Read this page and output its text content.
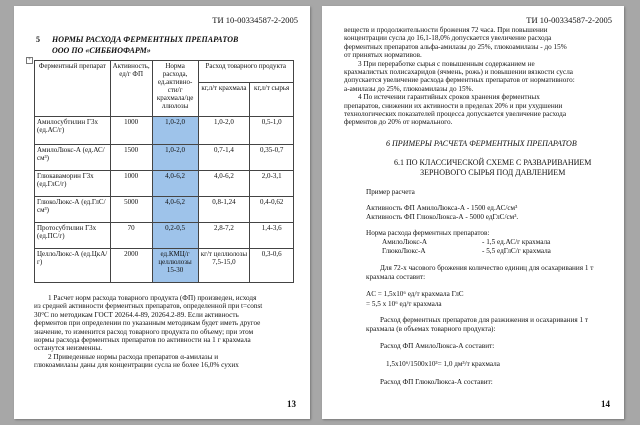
ТИ 10-00334587-2-2005
5 НОРМЫ РАСХОДА ФЕРМЕНТНЫХ ПРЕПАРАТОВ
ООО ПО «СИББИОФАРМ»
+
Ферментный препарат	Активность, ед/г ФП	Норма расхода, ед.активно-сти/г крахмала/це ллюлозы	Расход товарного продукта	
			кг,л/т крахмала	кг,л/т сырья
Амилосубтилин Г3х (ед.АС/г)	1000	1,0-2,0	1,0-2,0	0,5-1,0
АмилоЛюкс-А (ед.АС/см³)	1500	1,0-2,0	0,7-1,4	0,35-0,7
Глюкаваморин Г3х (ед.ГлС/г)	1000	4,0-6,2	4,0-6,2	2,0-3,1
ГлюкоЛюкс-А (ед.ГлС/см³)	5000	4,0-6,2	0,8-1,24	0,4-0,62
Протосубтилин Г3х (ед.ПС/г)	70	0,2-0,5	2,8-7,2	1,4-3,6
ЦеллоЛюкс-А (ед.ЦкА/г)	2000	ед.КМЦ/г целлюлозы 15-30	кг/т целлюлозы 7,5-15,0	0,3-0,6
1 Расчет норм расхода товарного продукта (ФП) произведен, исходя
из средней активности ферментных препаратов, определенной при t=const
30°C по методикам ГОСТ 20264.4-89, 20264.2-89. Если активность
ферментов при определении по указанным методикам будет иметь другое
значение, то изменится расход товарного продукта по объему; при этом
нормы расхода ферментных препаратов по активности на 1 г крахмала
останутся неизменны.
2 Приведенные нормы расхода препаратов α-амилазы и
глюкоамилазы даны для концентрации сусла не более 16,0% сухих
13
ТИ 10-00334587-2-2005
веществ и продолжительности брожения 72 часа. При повышении
концентрации сусла до 16,1-18,0% допускается увеличение расхода
ферментных препаратов альфа-амилазы до 25%, глюкоамилазы - до 15%
от принятых нормативов.
3 При переработке сырья с повышенным содержанием не
крахмалистых полисахаридов (ячмень, рожь) и повышении вязкости сусла
допускается увеличение расхода ферментных препаратов от нормативного:
а-амилазы до 25%, глюкоамилазы до 15%.
4 По истечении гарантийных сроков хранения ферментных
препаратов, снижении их активности в пределах 20% и при ухудшении
технологических показателей процесса допускается увеличение расхода
ферментов до 20% от нормального.
6 ПРИМЕРЫ РАСЧЕТА ФЕРМЕНТНЫХ ПРЕПАРАТОВ
6.1 ПО КЛАССИЧЕСКОЙ СХЕМЕ С РАЗВАРИВАНИЕМ
ЗЕРНОВОГО СЫРЬЯ ПОД ДАВЛЕНИЕМ
Пример расчета
Активность ФП АмилоЛюкса-А - 1500 ед.АС/см³
Активность ФП ГлюкоЛюкса-А - 5000 едГлС/см³.
Норма расхода ферментных препаратов:
АмилоЛюкс-А	- 1,5 ед.АС/г крахмала
ГлюкоЛюкс-А	- 5,5 едГлС/г крахмала
Для 72-х часового брожения количество единиц для осахаривания 1 т
крахмала составит:
AC = 1,5x10⁶ ед/т крахмала ГлС
= 5,5 x 10⁶ ед/т крахмала
Расход ферментных препаратов для разжижения и осахаривания 1 т
крахмала (в объемах товарного продукта):
Расход ФП АмилоЛюкса-А составит:
1,5х10⁶/1500х10³= 1,0 дм³/т крахмала
Расход ФП ГлюкоЛюкса-А составит:
14
